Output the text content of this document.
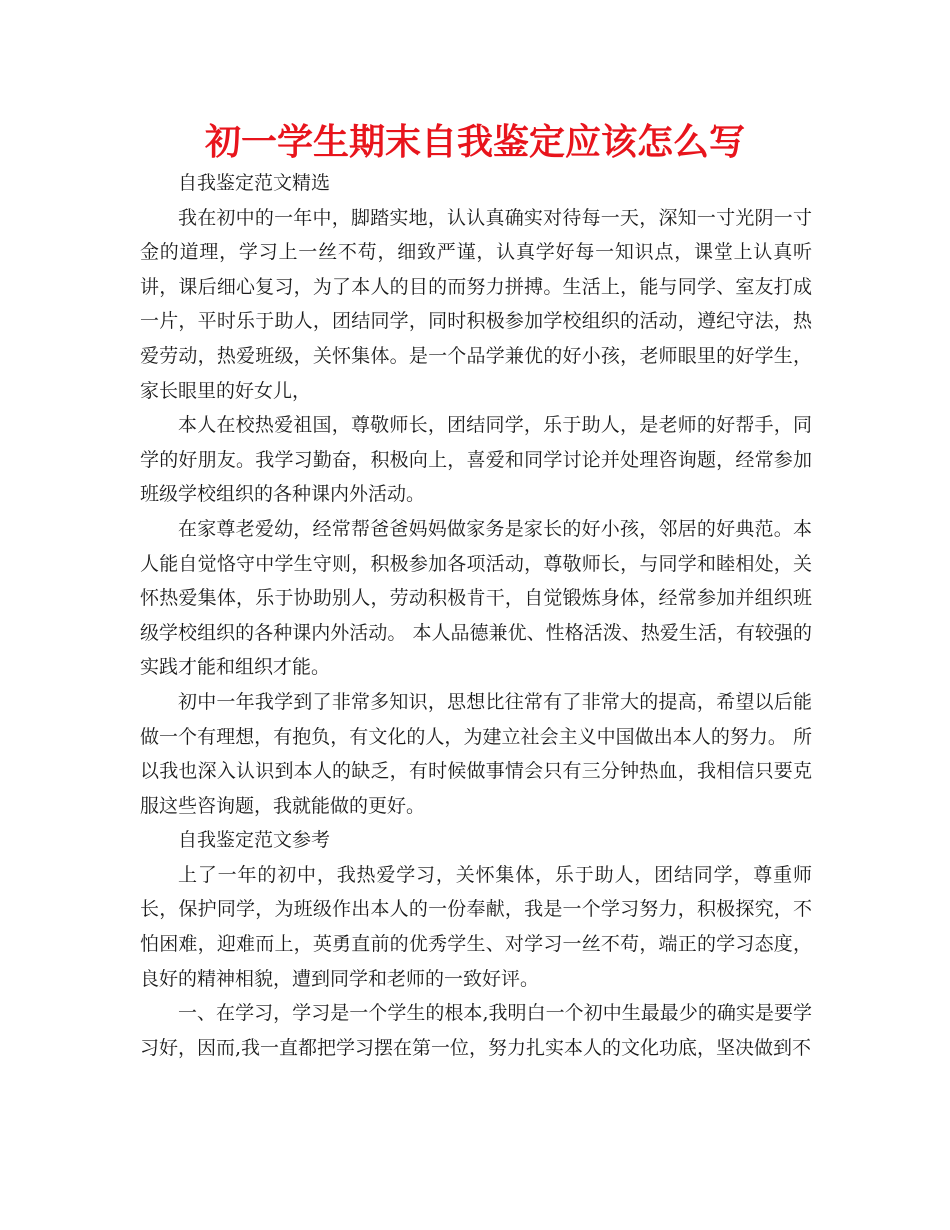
初一学生期末自我鉴定应该怎么写

自我鉴定范文精选

我在初中的一年中，脚踏实地，认认真确实对待每一天，深知一寸光阴一寸金的道理，学习上一丝不苟，细致严谨，认真学好每一知识点，课堂上认真听讲，课后细心复习，为了本人的目的而努力拼搏。生活上，能与同学、室友打成一片，平时乐于助人，团结同学，同时积极参加学校组织的活动，遵纪守法，热爱劳动，热爱班级，关怀集体。是一个品学兼优的好小孩，老师眼里的好学生，家长眼里的好女儿，

本人在校热爱祖国，尊敬师长，团结同学，乐于助人，是老师的好帮手，同学的好朋友。我学习勤奋，积极向上，喜爱和同学讨论并处理咨询题，经常参加班级学校组织的各种课内外活动。

在家尊老爱幼，经常帮爸爸妈妈做家务是家长的好小孩，邻居的好典范。本人能自觉恪守中学生守则，积极参加各项活动，尊敬师长，与同学和睦相处，关怀热爱集体，乐于协助别人，劳动积极肯干，自觉锻炼身体，经常参加并组织班级学校组织的各种课内外活动。 本人品德兼优、性格活泼、热爱生活，有较强的实践才能和组织才能。

初中一年我学到了非常多知识，思想比往常有了非常大的提高，希望以后能做一个有理想，有抱负，有文化的人，为建立社会主义中国做出本人的努力。 所以我也深入认识到本人的缺乏，有时候做事情会只有三分钟热血，我相信只要克服这些咨询题，我就能做的更好。

自我鉴定范文参考

上了一年的初中，我热爱学习，关怀集体，乐于助人，团结同学，尊重师长，保护同学，为班级作出本人的一份奉献，我是一个学习努力，积极探究，不怕困难，迎难而上，英勇直前的优秀学生、对学习一丝不苟，端正的学习态度，良好的精神相貌，遭到同学和老师的一致好评。

一、在学习，学习是一个学生的根本,我明白一个初中生最最少的确实是要学习好，因而,我一直都把学习摆在第一位，努力扎实本人的文化功底，坚决做到不
